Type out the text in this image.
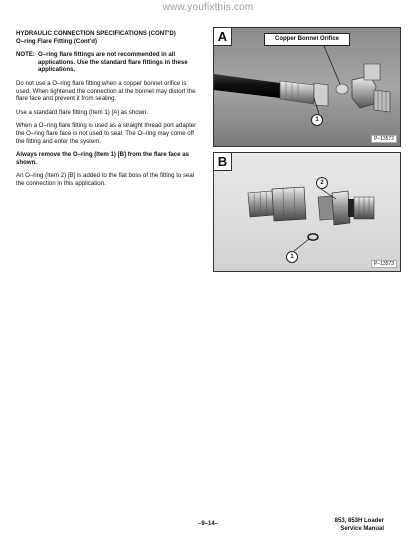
www.youfixthis.com
HYDRAULIC CONNECTION SPECIFICATIONS (CONT'D)
O–ring Flare Fitting (Cont'd)
NOTE: O–ring flare fittings are not recommended in all applications. Use the standard flare fittings in these applications.

Do not use a O–ring flare fitting when a copper bonnet orifice is used. When tightened the connection at the bonnet may distort the flare face and prevent it from sealing.

Use a standard flare fitting (Item 1) [A] as shown.

When a O–ring flare fitting is used as a straight thread port adapter the O–ring flare face is not used to seal. The O–ring may come off the fitting and enter the system.

Always remove the O–ring (Item 1) [B] from the flare face as shown.

An O–ring (Item 2) [B] is added to the flat boss of the fitting to seal the connection in this application.

A	Copper Bonnet Orifice
1
P–13572
B
2
1
P–13573
–9–14–	853, 853H Loader
Service Manual
